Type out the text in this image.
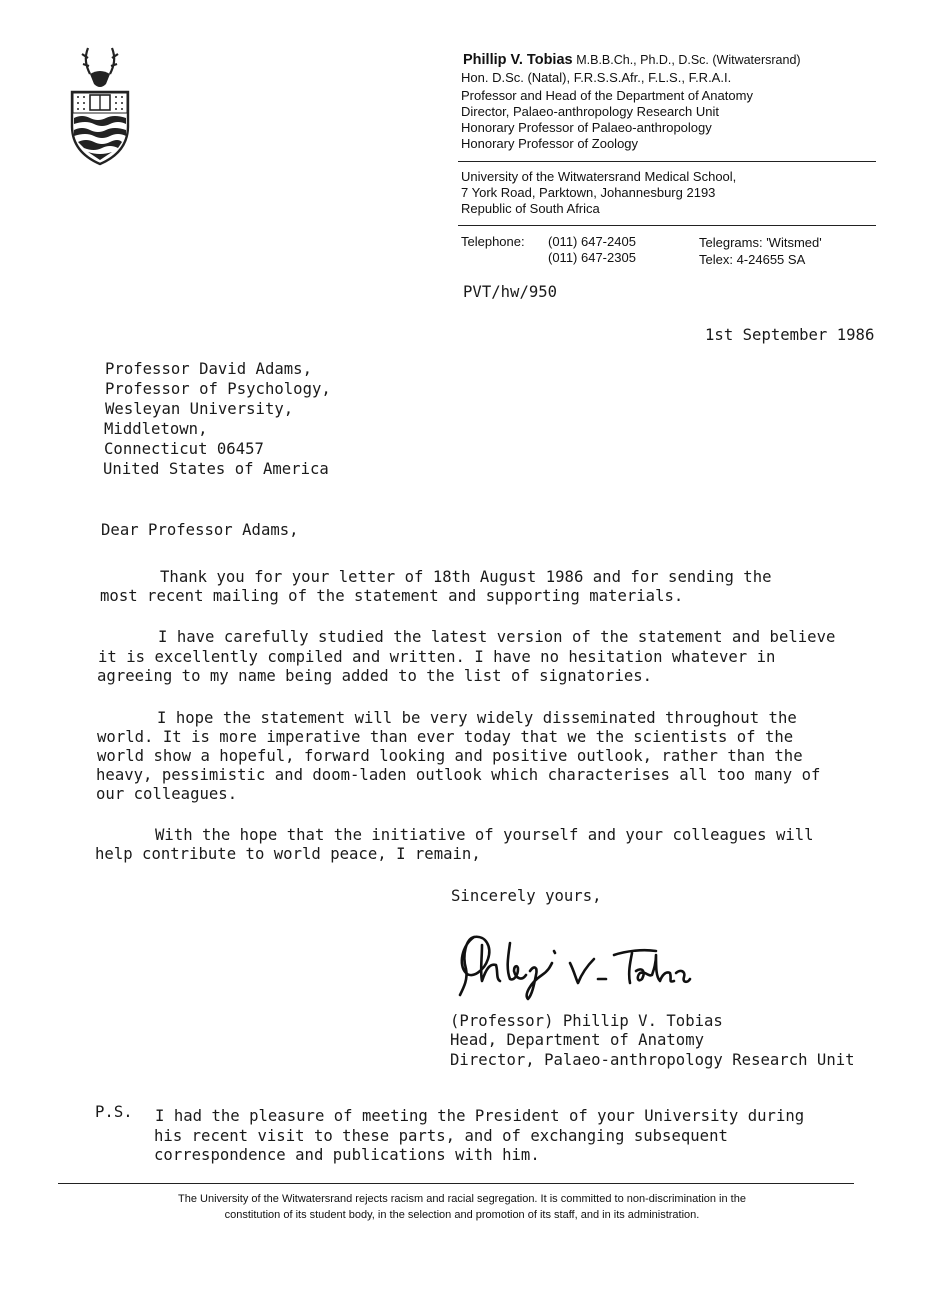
Phillip V. Tobias M.B.B.Ch., Ph.D., D.Sc. (Witwatersrand)
Hon. D.Sc. (Natal), F.R.S.S.Afr., F.L.S., F.R.A.I.
Professor and Head of the Department of Anatomy
Director, Palaeo-anthropology Research Unit
Honorary Professor of Palaeo-anthropology
Honorary Professor of Zoology
University of the Witwatersrand Medical School,
7 York Road, Parktown, Johannesburg 2193
Republic of South Africa
Telephone: (011) 647-2405
(011) 647-2305
Telegrams: 'Witsmed'
Telex: 4-24655 SA
PVT/hw/950
1st September 1986
Professor David Adams,
Professor of Psychology,
Wesleyan University,
Middletown,
Connecticut 06457
United States of America
Dear Professor Adams,
Thank you for your letter of 18th August 1986 and for sending the
most recent mailing of the statement and supporting materials.
I have carefully studied the latest version of the statement and believe
it is excellently compiled and written. I have no hesitation whatever in
agreeing to my name being added to the list of signatories.
I hope the statement will be very widely disseminated throughout the
world. It is more imperative than ever today that we the scientists of the
world show a hopeful, forward looking and positive outlook, rather than the
heavy, pessimistic and doom-laden outlook which characterises all too many of
our colleagues.
With the hope that the initiative of yourself and your colleagues will
help contribute to world peace, I remain,
Sincerely yours,
(Professor) Phillip V. Tobias
Head, Department of Anatomy
Director, Palaeo-anthropology Research Unit
P.S. I had the pleasure of meeting the President of your University during
his recent visit to these parts, and of exchanging subsequent
correspondence and publications with him.
The University of the Witwatersrand rejects racism and racial segregation. It is committed to non-discrimination in the
constitution of its student body, in the selection and promotion of its staff, and in its administration.
